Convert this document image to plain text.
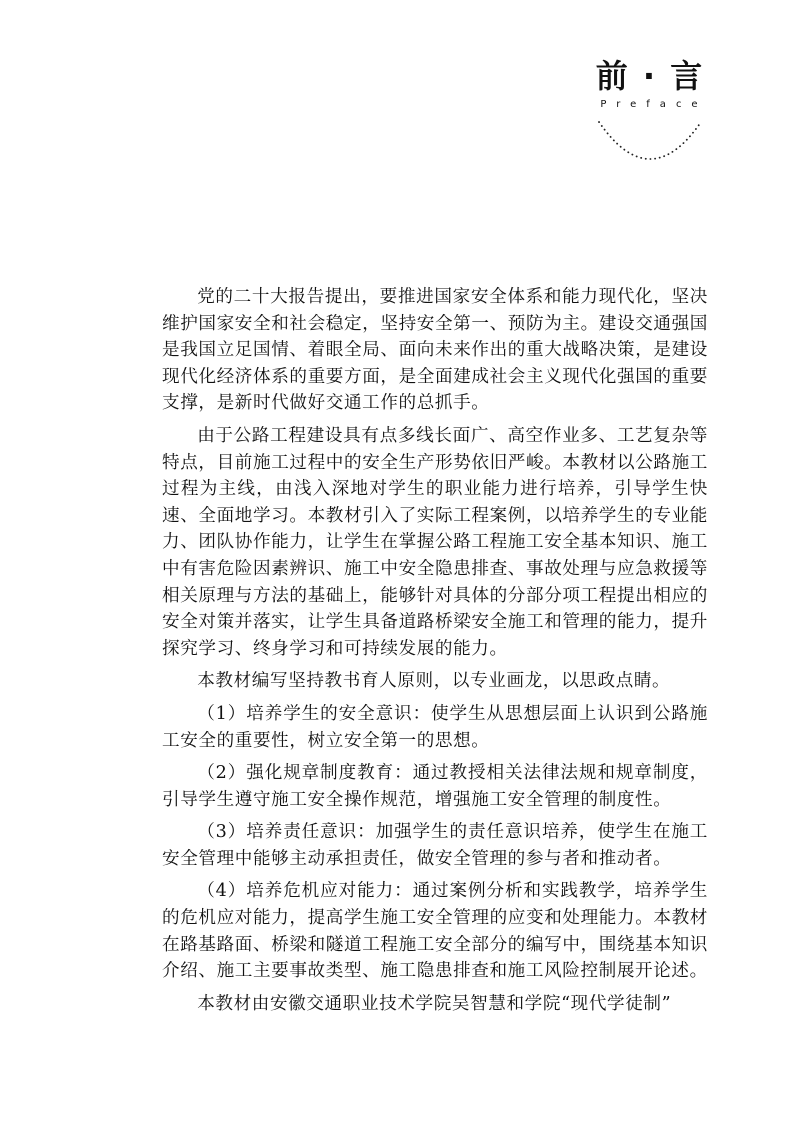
前 · 言
Preface

党的二十大报告提出，要推进国家安全体系和能力现代化，坚决维护国家安全和社会稳定，坚持安全第一、预防为主。建设交通强国是我国立足国情、着眼全局、面向未来作出的重大战略决策，是建设现代化经济体系的重要方面，是全面建成社会主义现代化强国的重要支撑，是新时代做好交通工作的总抓手。

由于公路工程建设具有点多线长面广、高空作业多、工艺复杂等特点，目前施工过程中的安全生产形势依旧严峻。本教材以公路施工过程为主线，由浅入深地对学生的职业能力进行培养，引导学生快速、全面地学习。本教材引入了实际工程案例，以培养学生的专业能力、团队协作能力，让学生在掌握公路工程施工安全基本知识、施工中有害危险因素辨识、施工中安全隐患排查、事故处理与应急救援等相关原理与方法的基础上，能够针对具体的分部分项工程提出相应的安全对策并落实，让学生具备道路桥梁安全施工和管理的能力，提升探究学习、终身学习和可持续发展的能力。

本教材编写坚持教书育人原则，以专业画龙，以思政点睛。

（1）培养学生的安全意识：使学生从思想层面上认识到公路施工安全的重要性，树立安全第一的思想。

（2）强化规章制度教育：通过教授相关法律法规和规章制度，引导学生遵守施工安全操作规范，增强施工安全管理的制度性。

（3）培养责任意识：加强学生的责任意识培养，使学生在施工安全管理中能够主动承担责任，做安全管理的参与者和推动者。

（4）培养危机应对能力：通过案例分析和实践教学，培养学生的危机应对能力，提高学生施工安全管理的应变和处理能力。本教材在路基路面、桥梁和隧道工程施工安全部分的编写中，围绕基本知识介绍、施工主要事故类型、施工隐患排查和施工风险控制展开论述。

本教材由安徽交通职业技术学院吴智慧和学院“现代学徒制”
